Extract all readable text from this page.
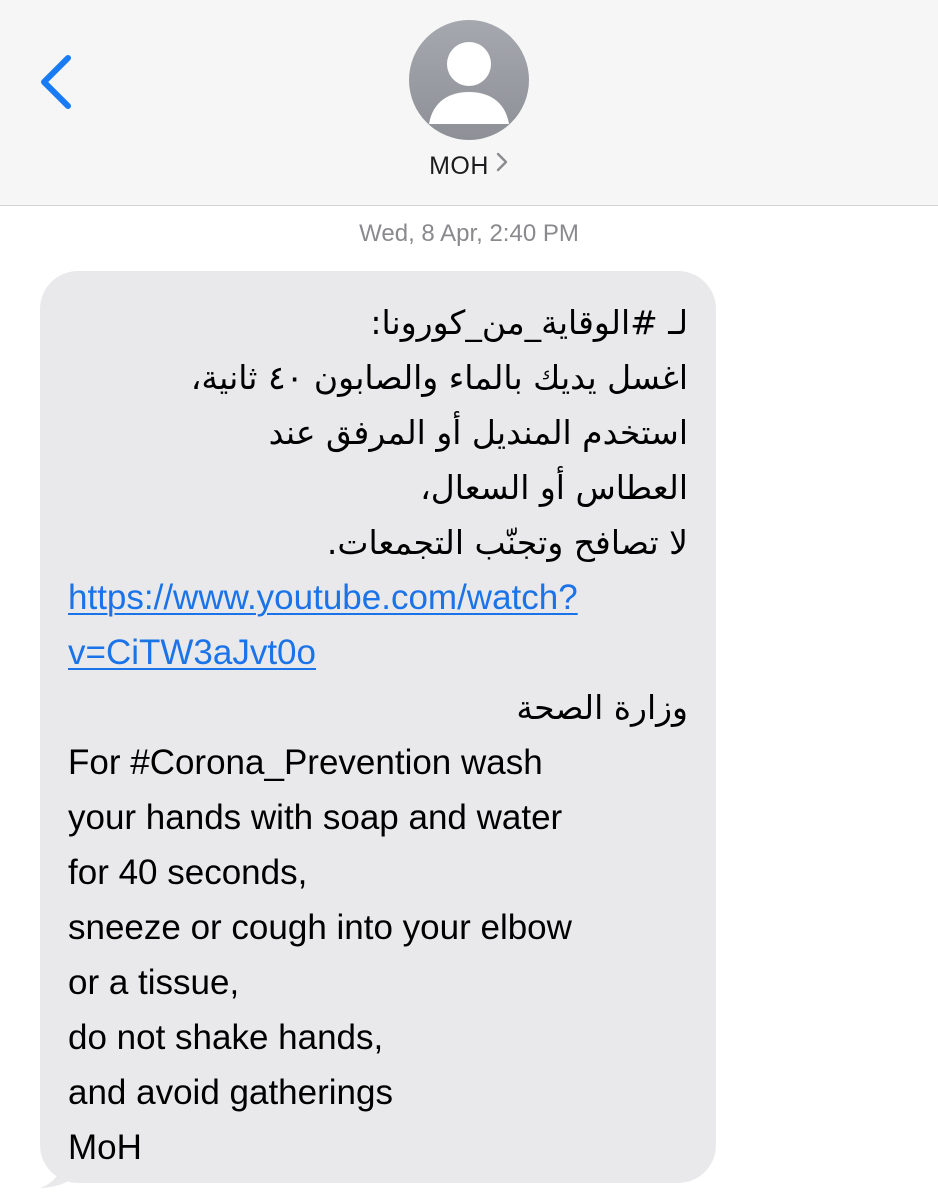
MOH
Wed, 8 Apr, 2:40 PM
لـ #الوقاية_من_كورونا:
اغسل يديك بالماء والصابون ٤٠ ثانية،
استخدم المنديل أو المرفق عند
العطاس أو السعال،
لا تصافح وتجنّب التجمعات.
https://www.youtube.com/watch?
v=CiTW3aJvt0o
وزارة الصحة
For #Corona_Prevention wash
your hands with soap and water
for 40 seconds,
sneeze or cough into your elbow
or a tissue,
do not shake hands,
and avoid gatherings
MoH
